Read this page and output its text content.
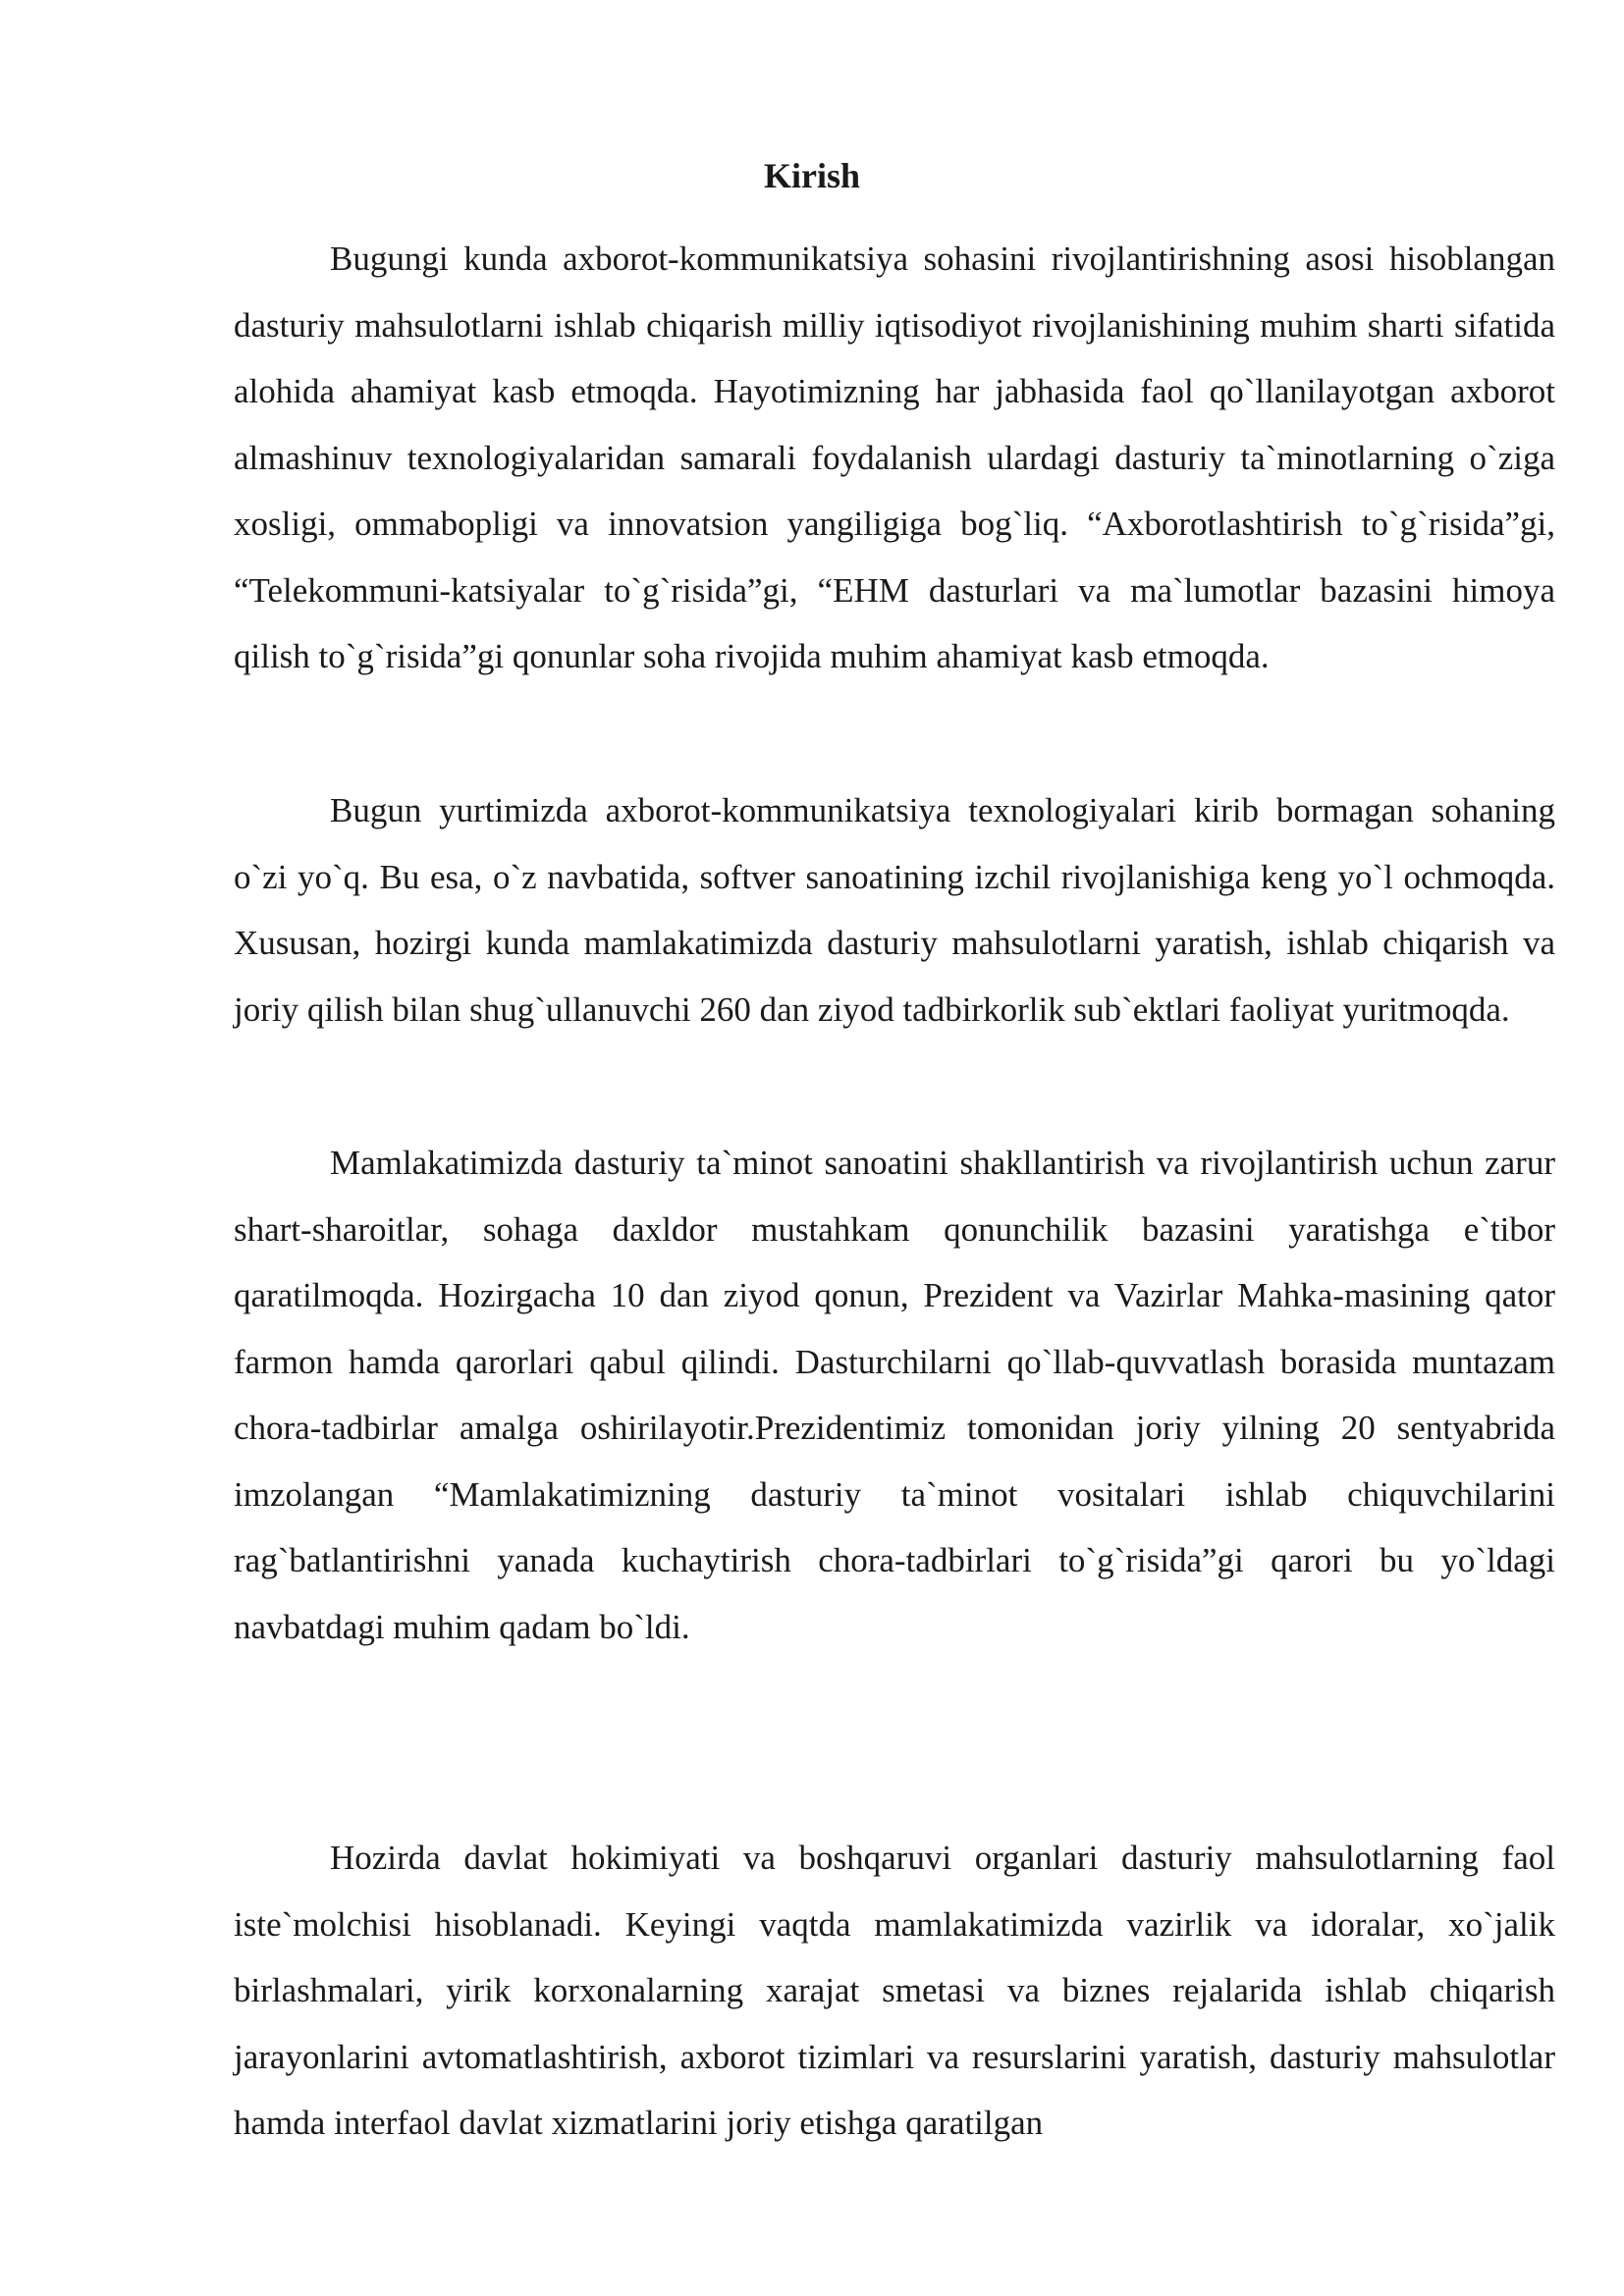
Kirish

Bugungi kunda axborot-kommunikatsiya sohasini rivojlantirishning asosi hisoblangan dasturiy mahsulotlarni ishlab chiqarish milliy iqtisodiyot rivojlanishining muhim sharti sifatida alohida ahamiyat kasb etmoqda. Hayotimizning har jabhasida faol qo`llanilayotgan axborot almashinuv texnologiyalaridan samarali foydalanish ulardagi dasturiy ta`minotlarning o`ziga xosligi, ommabopligi va innovatsion yangiligiga bog`liq. “Axborotlashtirish to`g`risida”gi, “Telekommuni-katsiyalar to`g`risida”gi, “EHM dasturlari va ma`lumotlar bazasini himoya qilish to`g`risida”gi qonunlar soha rivojida muhim ahamiyat kasb etmoqda.

Bugun yurtimizda axborot-kommunikatsiya texnologiyalari kirib bormagan sohaning o`zi yo`q. Bu esa, o`z navbatida, softver sanoatining izchil rivojlanishiga keng yo`l ochmoqda. Xususan, hozirgi kunda mamlakatimizda dasturiy mahsulotlarni yaratish, ishlab chiqarish va joriy qilish bilan shug`ullanuvchi 260 dan ziyod tadbirkorlik sub`ektlari faoliyat yuritmoqda.

Mamlakatimizda dasturiy ta`minot sanoatini shakllantirish va rivojlantirish uchun zarur shart-sharoitlar, sohaga daxldor mustahkam qonunchilik bazasini yaratishga e`tibor qaratilmoqda. Hozirgacha 10 dan ziyod qonun, Prezident va Vazirlar Mahka-masining qator farmon hamda qarorlari qabul qilindi. Dasturchilarni qo`llab-quvvatlash borasida muntazam chora-tadbirlar amalga oshirilayotir.Prezidentimiz tomonidan joriy yilning 20 sentyabrida imzolangan “Mamlakatimizning dasturiy ta`minot vositalari ishlab chiquvchilarini rag`batlantirishni yanada kuchaytirish chora-tadbirlari to`g`risida”gi qarori bu yo`ldagi navbatdagi muhim qadam bo`ldi.

Hozirda davlat hokimiyati va boshqaruvi organlari dasturiy mahsulotlarning faol iste`molchisi hisoblanadi. Keyingi vaqtda mamlakatimizda vazirlik va idoralar, xo`jalik birlashmalari, yirik korxonalarning xarajat smetasi va biznes rejalarida ishlab chiqarish jarayonlarini avtomatlashtirish, axborot tizimlari va resurslarini yaratish, dasturiy mahsulotlar hamda interfaol davlat xizmatlarini joriy etishga qaratilgan
